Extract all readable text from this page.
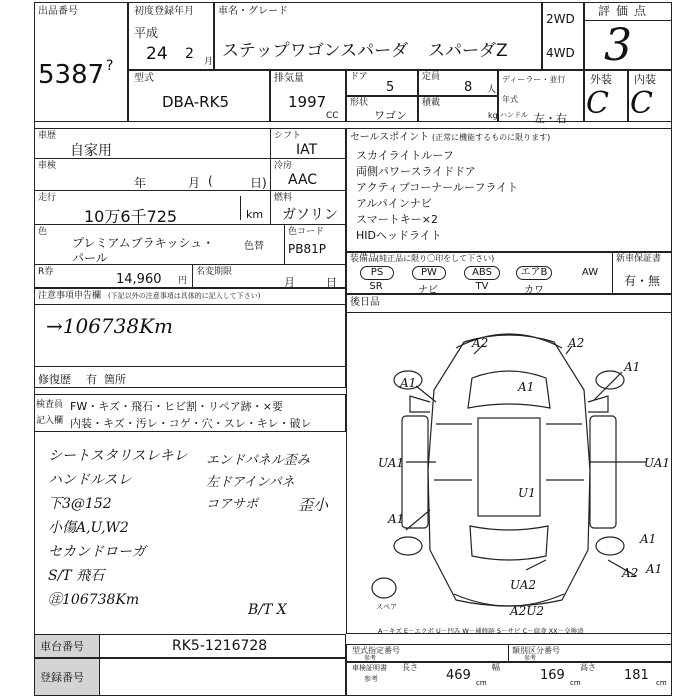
出品番号
5387 ?
初度登録年月
平成
24 2 月
車名・グレード
ステップワゴンスパーダ スパーダZ
2WD
4WD
評価点
3
型式
DBA-RK5
排気量
1997
CC
ドア
5
定員
8 人
ディーラー・並行
年式
形状
ワゴン
積載
kg ハンドル 左・右
外装 内装
C C
車歴
自家用
シフト
IAT
車検
年	月 (	日)
冷房
AAC
走行
10万6千725	km
燃料
ガソリン
色
プレミアムブラキッシュ・パール
色替
色コード
PB81P
R券	14,960 円
名変期限
月	日
注意事項申告欄 (下記以外の注意事項は具体的に記入して下さい)
→106738Km
修復歴 有 箇所
セールスポイント (正常に機能するものに限ります)
スカイライトルーフ
両側パワースライドドア
アクティブコーナールーフライト
アルパインナビ
スマートキー×2
HIDヘッドライト
装備品
(純正品に限り〇印をして下さい)	新車保証書
有・無
PS	PW	ABS	エアB	AW
SR	ナビ	TV	カワ
後日品
検査員
記入欄
FW・キズ・飛石・ヒビ割・リペア跡・×要
内装・キズ・汚レ・コゲ・穴・スレ・キレ・破レ
シートスタリスレキレ
ハンドルスレ
下3@152
小傷A,U,W2
セカンドローガ
S/T 飛石
㊟106738Km
エンドパネル歪み
左ドアインパネ
コアサポ	歪小
B/T X
A2	A2
A1	A1
A1
UA1	UA1
U1
A1
A1
A2
UA2
A2U2
A1
スペア
A－キズ E－エクボ U－凹み W－補修跡 S－サビ C－腐食 XX－交換済
車台番号	RK5-1216728
登録番号
型式指定番号
参考
類別区分番号
参考
車検証明書
参考
長さ
469 cm
幅
169 cm
高さ
181 cm
